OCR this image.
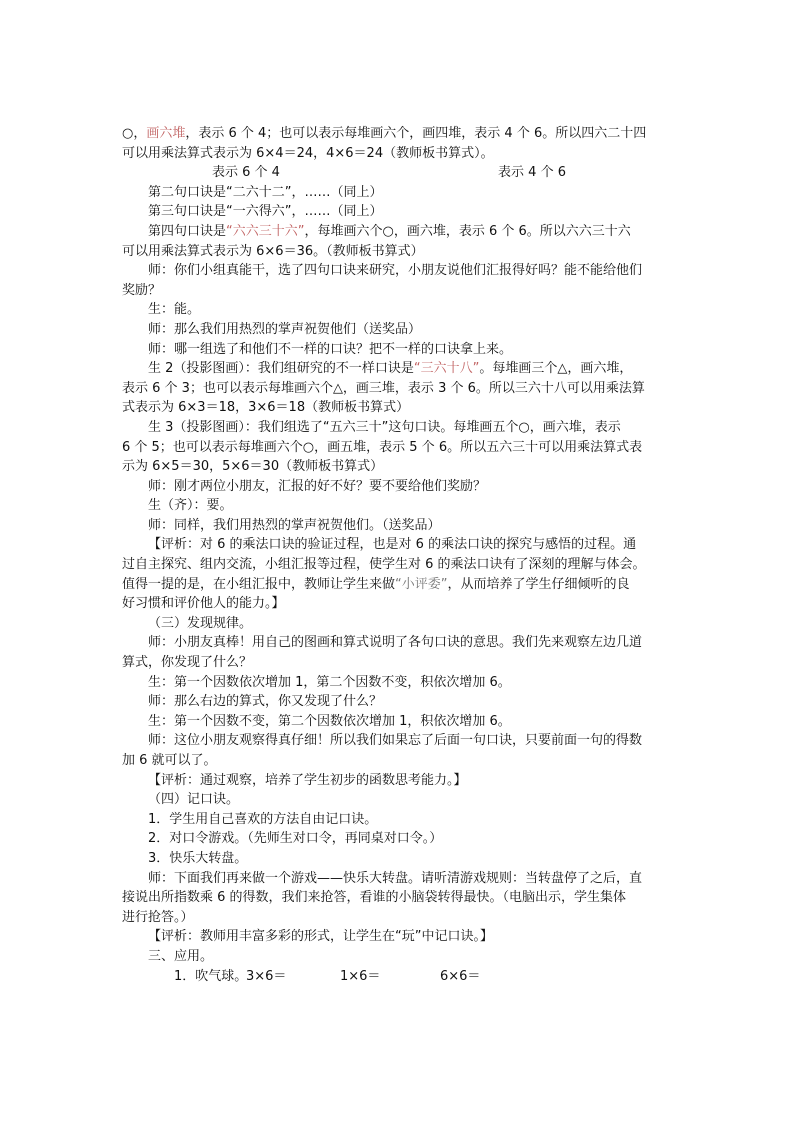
○，画六堆，表示 6 个 4；也可以表示每堆画六个，画四堆，表示 4 个 6。所以四六二十四

可以用乘法算式表示为 6×4＝24，4×6＝24（教师板书算式）。

表示 6 个 4	表示 4 个 6

第二句口诀是“二六十二”，……（同上）

第三句口诀是“一六得六”，……（同上）

第四句口诀是“六六三十六”，每堆画六个○，画六堆，表示 6 个 6。所以六六三十六

可以用乘法算式表示为 6×6＝36。（教师板书算式）

师：你们小组真能干，选了四句口诀来研究，小朋友说他们汇报得好吗？能不能给他们

奖励？

生：能。

师：那么我们用热烈的掌声祝贺他们（送奖品）

师：哪一组选了和他们不一样的口诀？把不一样的口诀拿上来。

生 2（投影图画）：我们组研究的不一样口诀是“三六十八”。每堆画三个△，画六堆，

表示 6 个 3；也可以表示每堆画六个△，画三堆，表示 3 个 6。所以三六十八可以用乘法算

式表示为 6×3＝18，3×6＝18（教师板书算式）

生 3（投影图画）：我们组选了“五六三十”这句口诀。每堆画五个○，画六堆，表示

6 个 5；也可以表示每堆画六个○，画五堆，表示 5 个 6。所以五六三十可以用乘法算式表

示为 6×5＝30，5×6＝30（教师板书算式）

师：刚才两位小朋友，汇报的好不好？要不要给他们奖励？

生（齐）：要。

师：同样，我们用热烈的掌声祝贺他们。（送奖品）

【评析：对 6 的乘法口诀的验证过程，也是对 6 的乘法口诀的探究与感悟的过程。通

过自主探究、组内交流，小组汇报等过程，使学生对 6 的乘法口诀有了深刻的理解与体会。

值得一提的是，在小组汇报中，教师让学生来做“小评委”，从而培养了学生仔细倾听的良

好习惯和评价他人的能力。】

（三）发现规律。

师：小朋友真棒！用自己的图画和算式说明了各句口诀的意思。我们先来观察左边几道

算式，你发现了什么？

生：第一个因数依次增加 1，第二个因数不变，积依次增加 6。

师：那么右边的算式，你又发现了什么？

生：第一个因数不变，第二个因数依次增加 1，积依次增加 6。

师：这位小朋友观察得真仔细！所以我们如果忘了后面一句口诀，只要前面一句的得数

加 6 就可以了。

【评析：通过观察，培养了学生初步的函数思考能力。】

（四）记口诀。

1．学生用自己喜欢的方法自由记口诀。

2．对口令游戏。（先师生对口令，再同桌对口令。）

3．快乐大转盘。

师：下面我们再来做一个游戏——快乐大转盘。请听清游戏规则：当转盘停了之后，直

接说出所指数乘 6 的得数，我们来抢答，看谁的小脑袋转得最快。（电脑出示，学生集体

进行抢答。）

【评析：教师用丰富多彩的形式，让学生在“玩”中记口诀。】

三、应用。

1．吹气球。3×6＝	1×6＝	6×6＝
